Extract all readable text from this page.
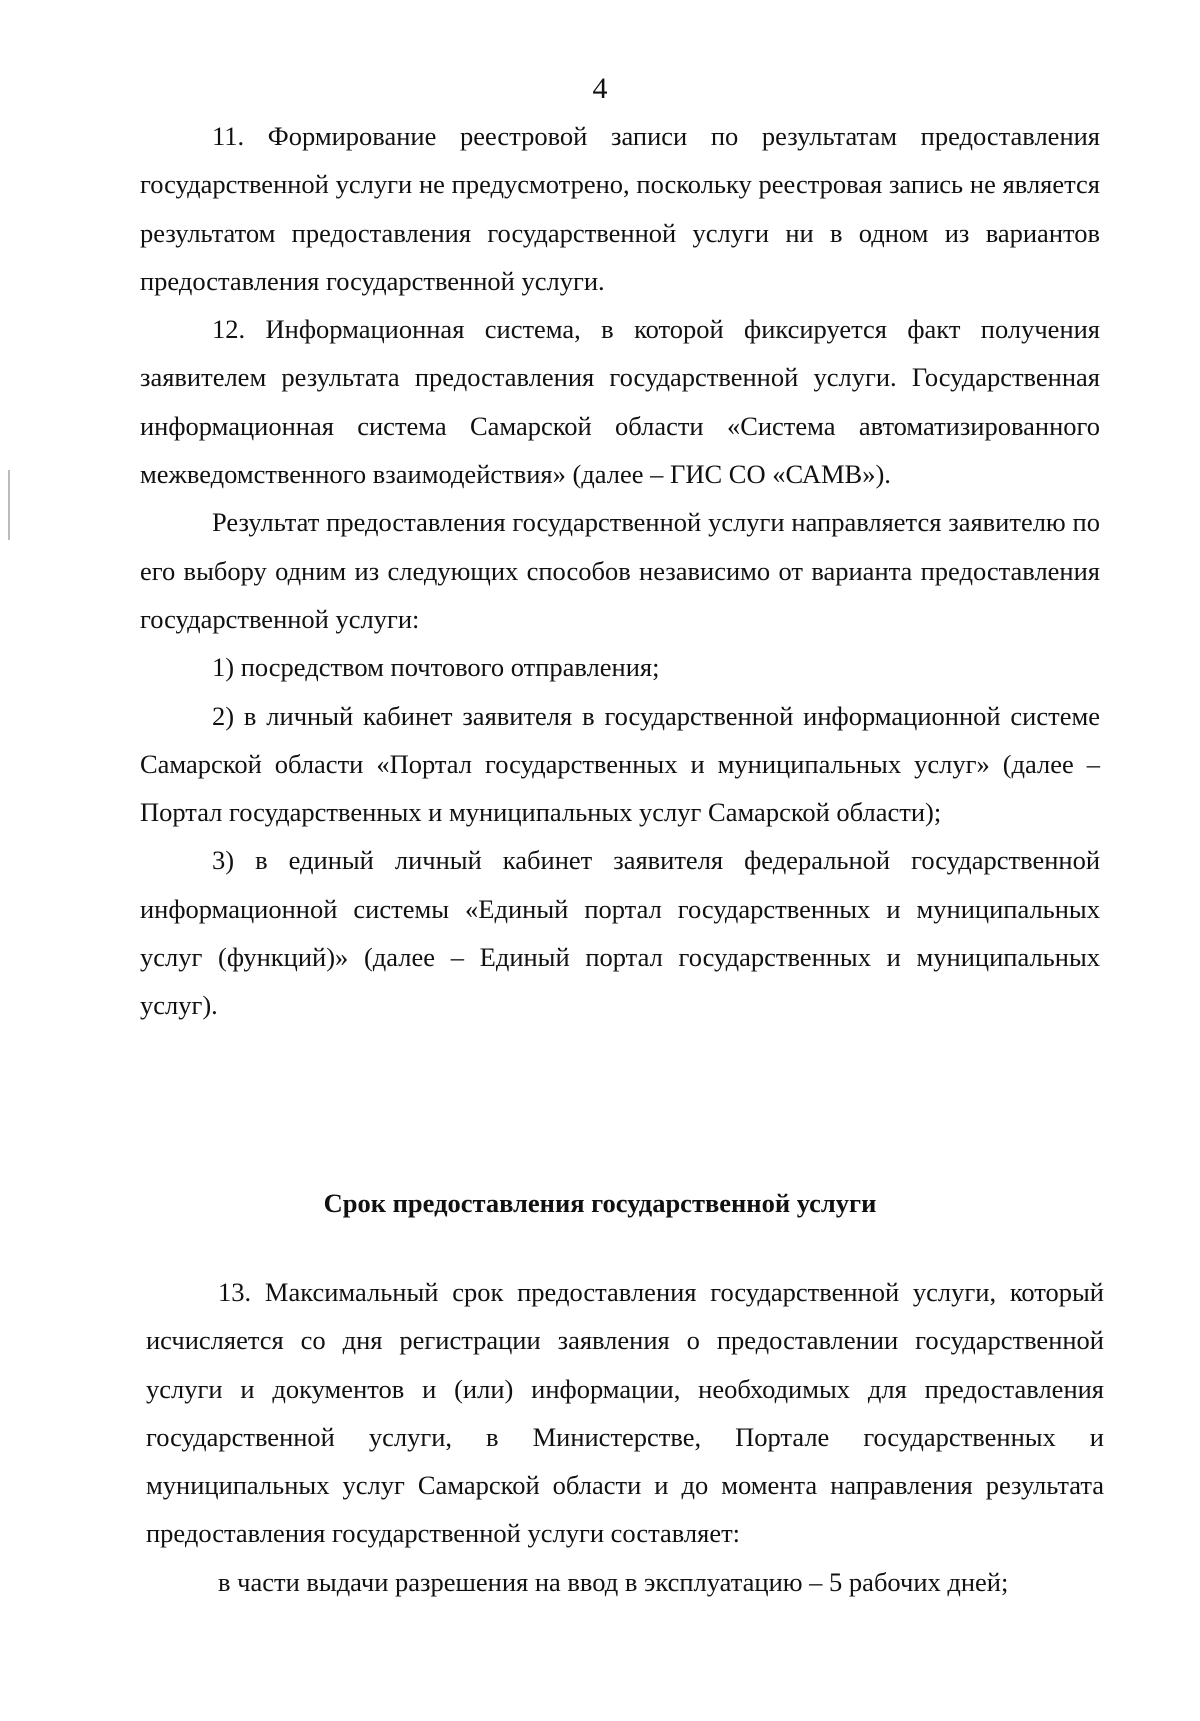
4

11. Формирование реестровой записи по результатам предоставления государственной услуги не предусмотрено, поскольку реестровая запись не является результатом предоставления государственной услуги ни в одном из вариантов предоставления государственной услуги.

12. Информационная система, в которой фиксируется факт получения заявителем результата предоставления государственной услуги. Государственная информационная система Самарской области «Система автоматизированного межведомственного взаимодействия» (далее – ГИС СО «САМВ»).

Результат предоставления государственной услуги направляется заявителю по его выбору одним из следующих способов независимо от варианта предоставления государственной услуги:

1) посредством почтового отправления;

2) в личный кабинет заявителя в государственной информационной системе Самарской области «Портал государственных и муниципальных услуг» (далее – Портал государственных и муниципальных услуг Самарской области);

3) в единый личный кабинет заявителя федеральной государственной информационной системы «Единый портал государственных и муниципальных услуг (функций)» (далее – Единый портал государственных и муниципальных услуг).

Срок предоставления государственной услуги

13. Максимальный срок предоставления государственной услуги, который исчисляется со дня регистрации заявления о предоставлении государственной услуги и документов и (или) информации, необходимых для предоставления государственной услуги, в Министерстве, Портале государственных и муниципальных услуг Самарской области и до момента направления результата предоставления государственной услуги составляет:

в части выдачи разрешения на ввод в эксплуатацию – 5 рабочих дней;
